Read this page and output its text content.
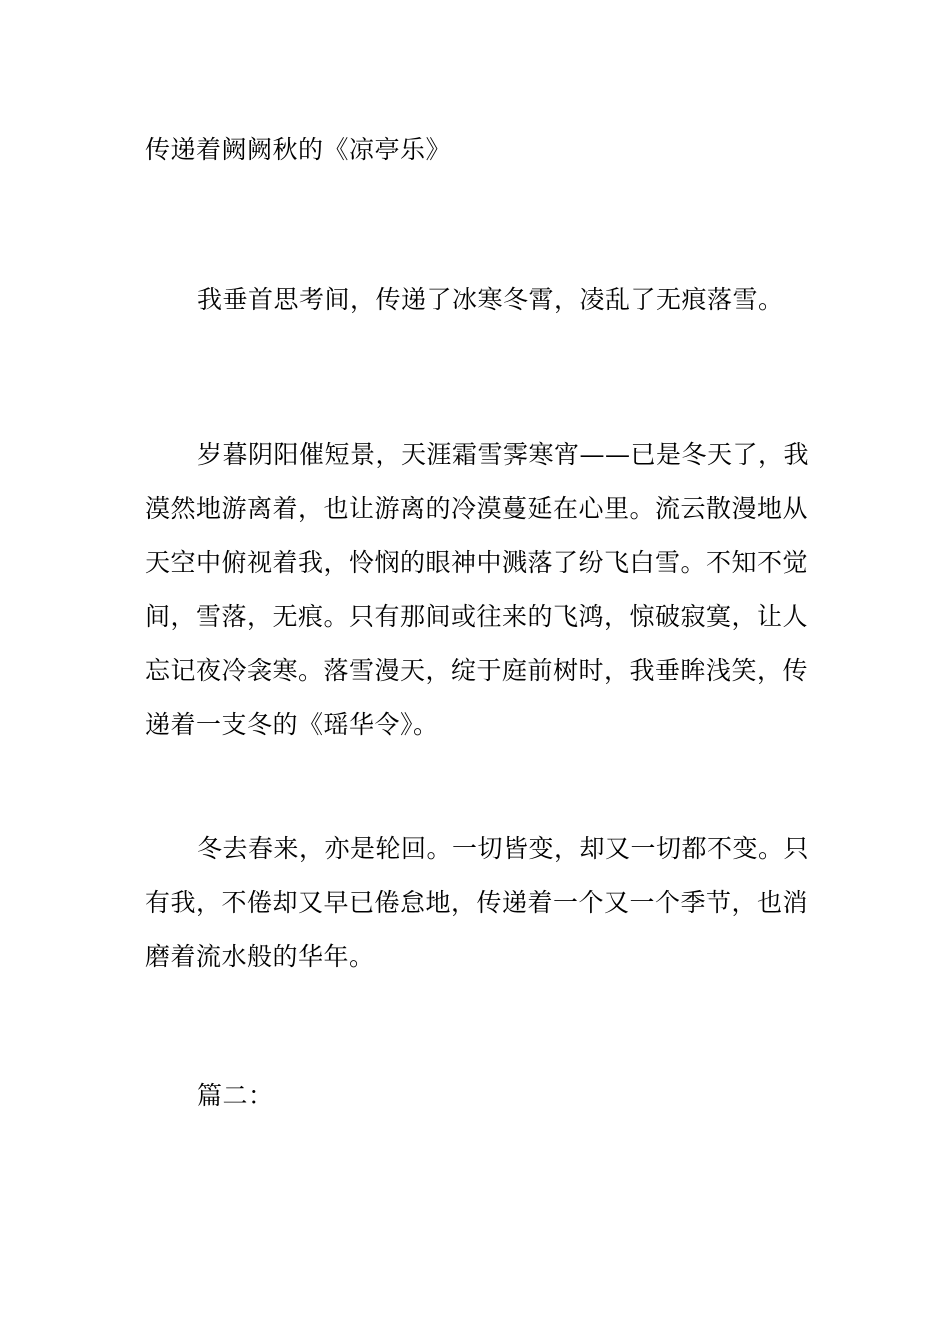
传递着阙阙秋的《凉亭乐》

我垂首思考间，传递了冰寒冬霄，凌乱了无痕落雪。

岁暮阴阳催短景，天涯霜雪霁寒宵——已是冬天了，我漠然地游离着，也让游离的冷漠蔓延在心里。流云散漫地从天空中俯视着我，怜悯的眼神中溅落了纷飞白雪。不知不觉间，雪落，无痕。只有那间或往来的飞鸿，惊破寂寞，让人忘记夜冷衾寒。落雪漫天，绽于庭前树时，我垂眸浅笑，传递着一支冬的《瑶华令》。

冬去春来，亦是轮回。一切皆变，却又一切都不变。只有我，不倦却又早已倦怠地，传递着一个又一个季节，也消磨着流水般的华年。

篇二：
